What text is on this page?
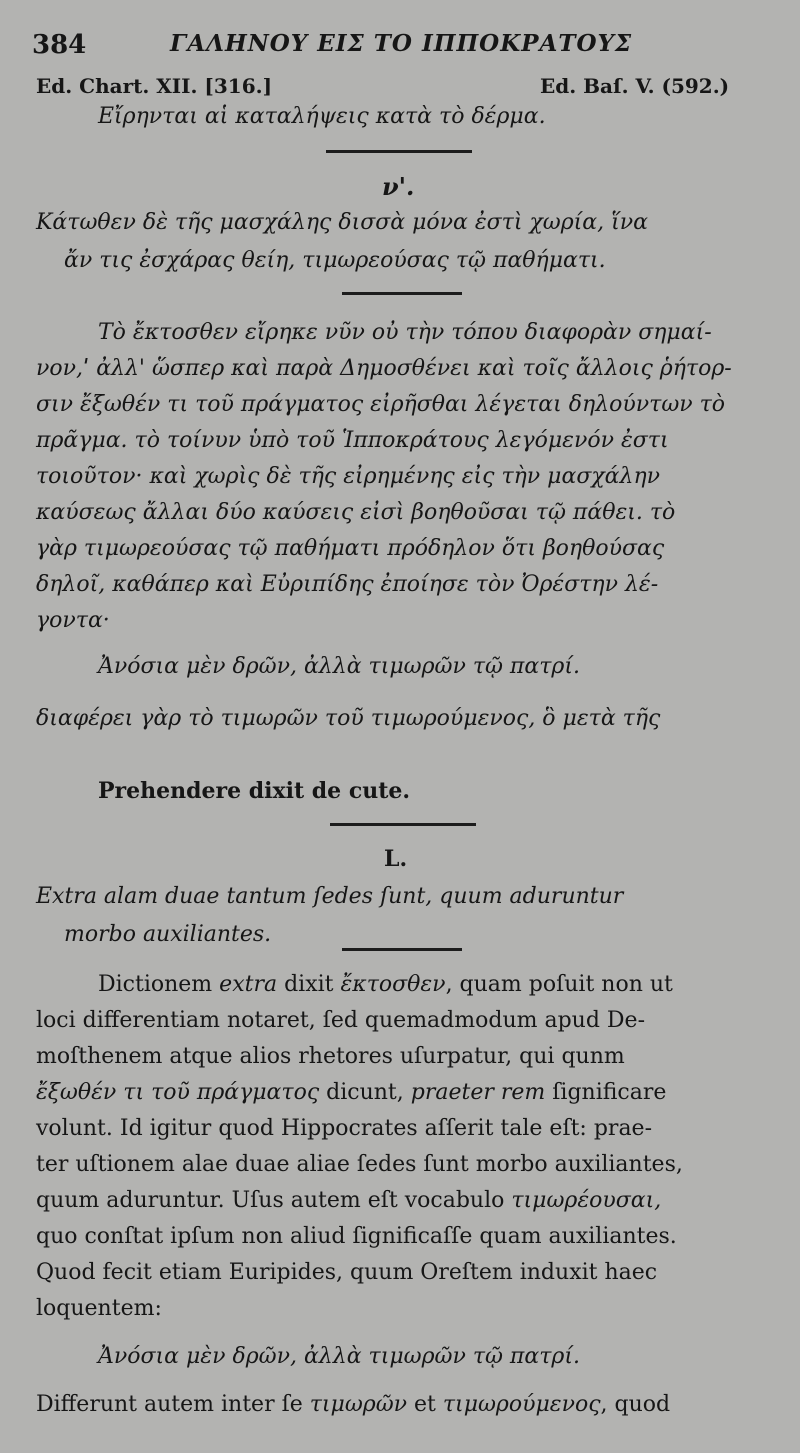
384	ΓΑΛΗΝΟΥ ΕΙΣ ΤΟ ΙΠΠΟΚΡΑΤΟΥΣ
Ed. Chart. XII. [316.]	Ed. Baſ. V. (592.)
Εἴρηνται αἱ καταλήψεις κατὰ τὸ δέρμα.
ν'.
Κάτωθεν δὲ τῆς μασχάλης δισσὰ μόνα ἐστὶ χωρία, ἵνα
ἄν τις ἐσχάρας θείη, τιμωρεούσας τῷ παθήματι.
Τὸ ἔκτοσθεν εἴρηκε νῦν οὐ τὴν τόπου διαφορὰν σημαί-
νον,ˈ ἀλλ' ὥσπερ καὶ παρὰ Δημοσθένει καὶ τοῖς ἄλλοις ῥήτορ-
σιν ἔξωθέν τι τοῦ πράγματος εἰρῆσθαι λέγεται δηλούντων τὸ
πρᾶγμα. τὸ τοίνυν ὑπὸ τοῦ Ἱπποκράτους λεγόμενόν ἐστι
τοιοῦτον· καὶ χωρὶς δὲ τῆς εἰρημένης εἰς τὴν μασχάλην
καύσεως ἄλλαι δύο καύσεις εἰσὶ βοηθοῦσαι τῷ πάθει. τὸ
γὰρ τιμωρεούσας τῷ παθήματι πρόδηλον ὅτι βοηθούσας
δηλοῖ, καθάπερ καὶ Εὐριπίδης ἐποίησε τὸν Ὀρέστην λέ-
γοντα·
Ἀνόσια μὲν δρῶν, ἀλλὰ τιμωρῶν τῷ πατρί.
διαφέρει γὰρ τὸ τιμωρῶν τοῦ τιμωρούμενος, ὃ μετὰ τῆς
Prehendere dixit de cute.
L.
Extra alam duae tantum ſedes ſunt, quum aduruntur
morbo auxiliantes.
Dictionem extra dixit ἔκτοσθεν, quam poſuit non ut
loci differentiam notaret, ſed quemadmodum apud De-
moſthenem atque alios rhetores uſurpatur, qui qunm
ἔξωθέν τι τοῦ πράγματος dicunt, praeter rem ſignificare
volunt. Id igitur quod Hippocrates aſſerit tale eſt: prae-
ter uſtionem alae duae aliae ſedes ſunt morbo auxiliantes,
quum aduruntur. Uſus autem eſt vocabulo τιμωρέουσαι,
quo conſtat ipſum non aliud ſignificaſſe quam auxiliantes.
Quod fecit etiam Euripides, quum Oreſtem induxit haec
loquentem:
Ἀνόσια μὲν δρῶν, ἀλλὰ τιμωρῶν τῷ πατρί.
Differunt autem inter ſe τιμωρῶν et τιμωρούμενος, quod
